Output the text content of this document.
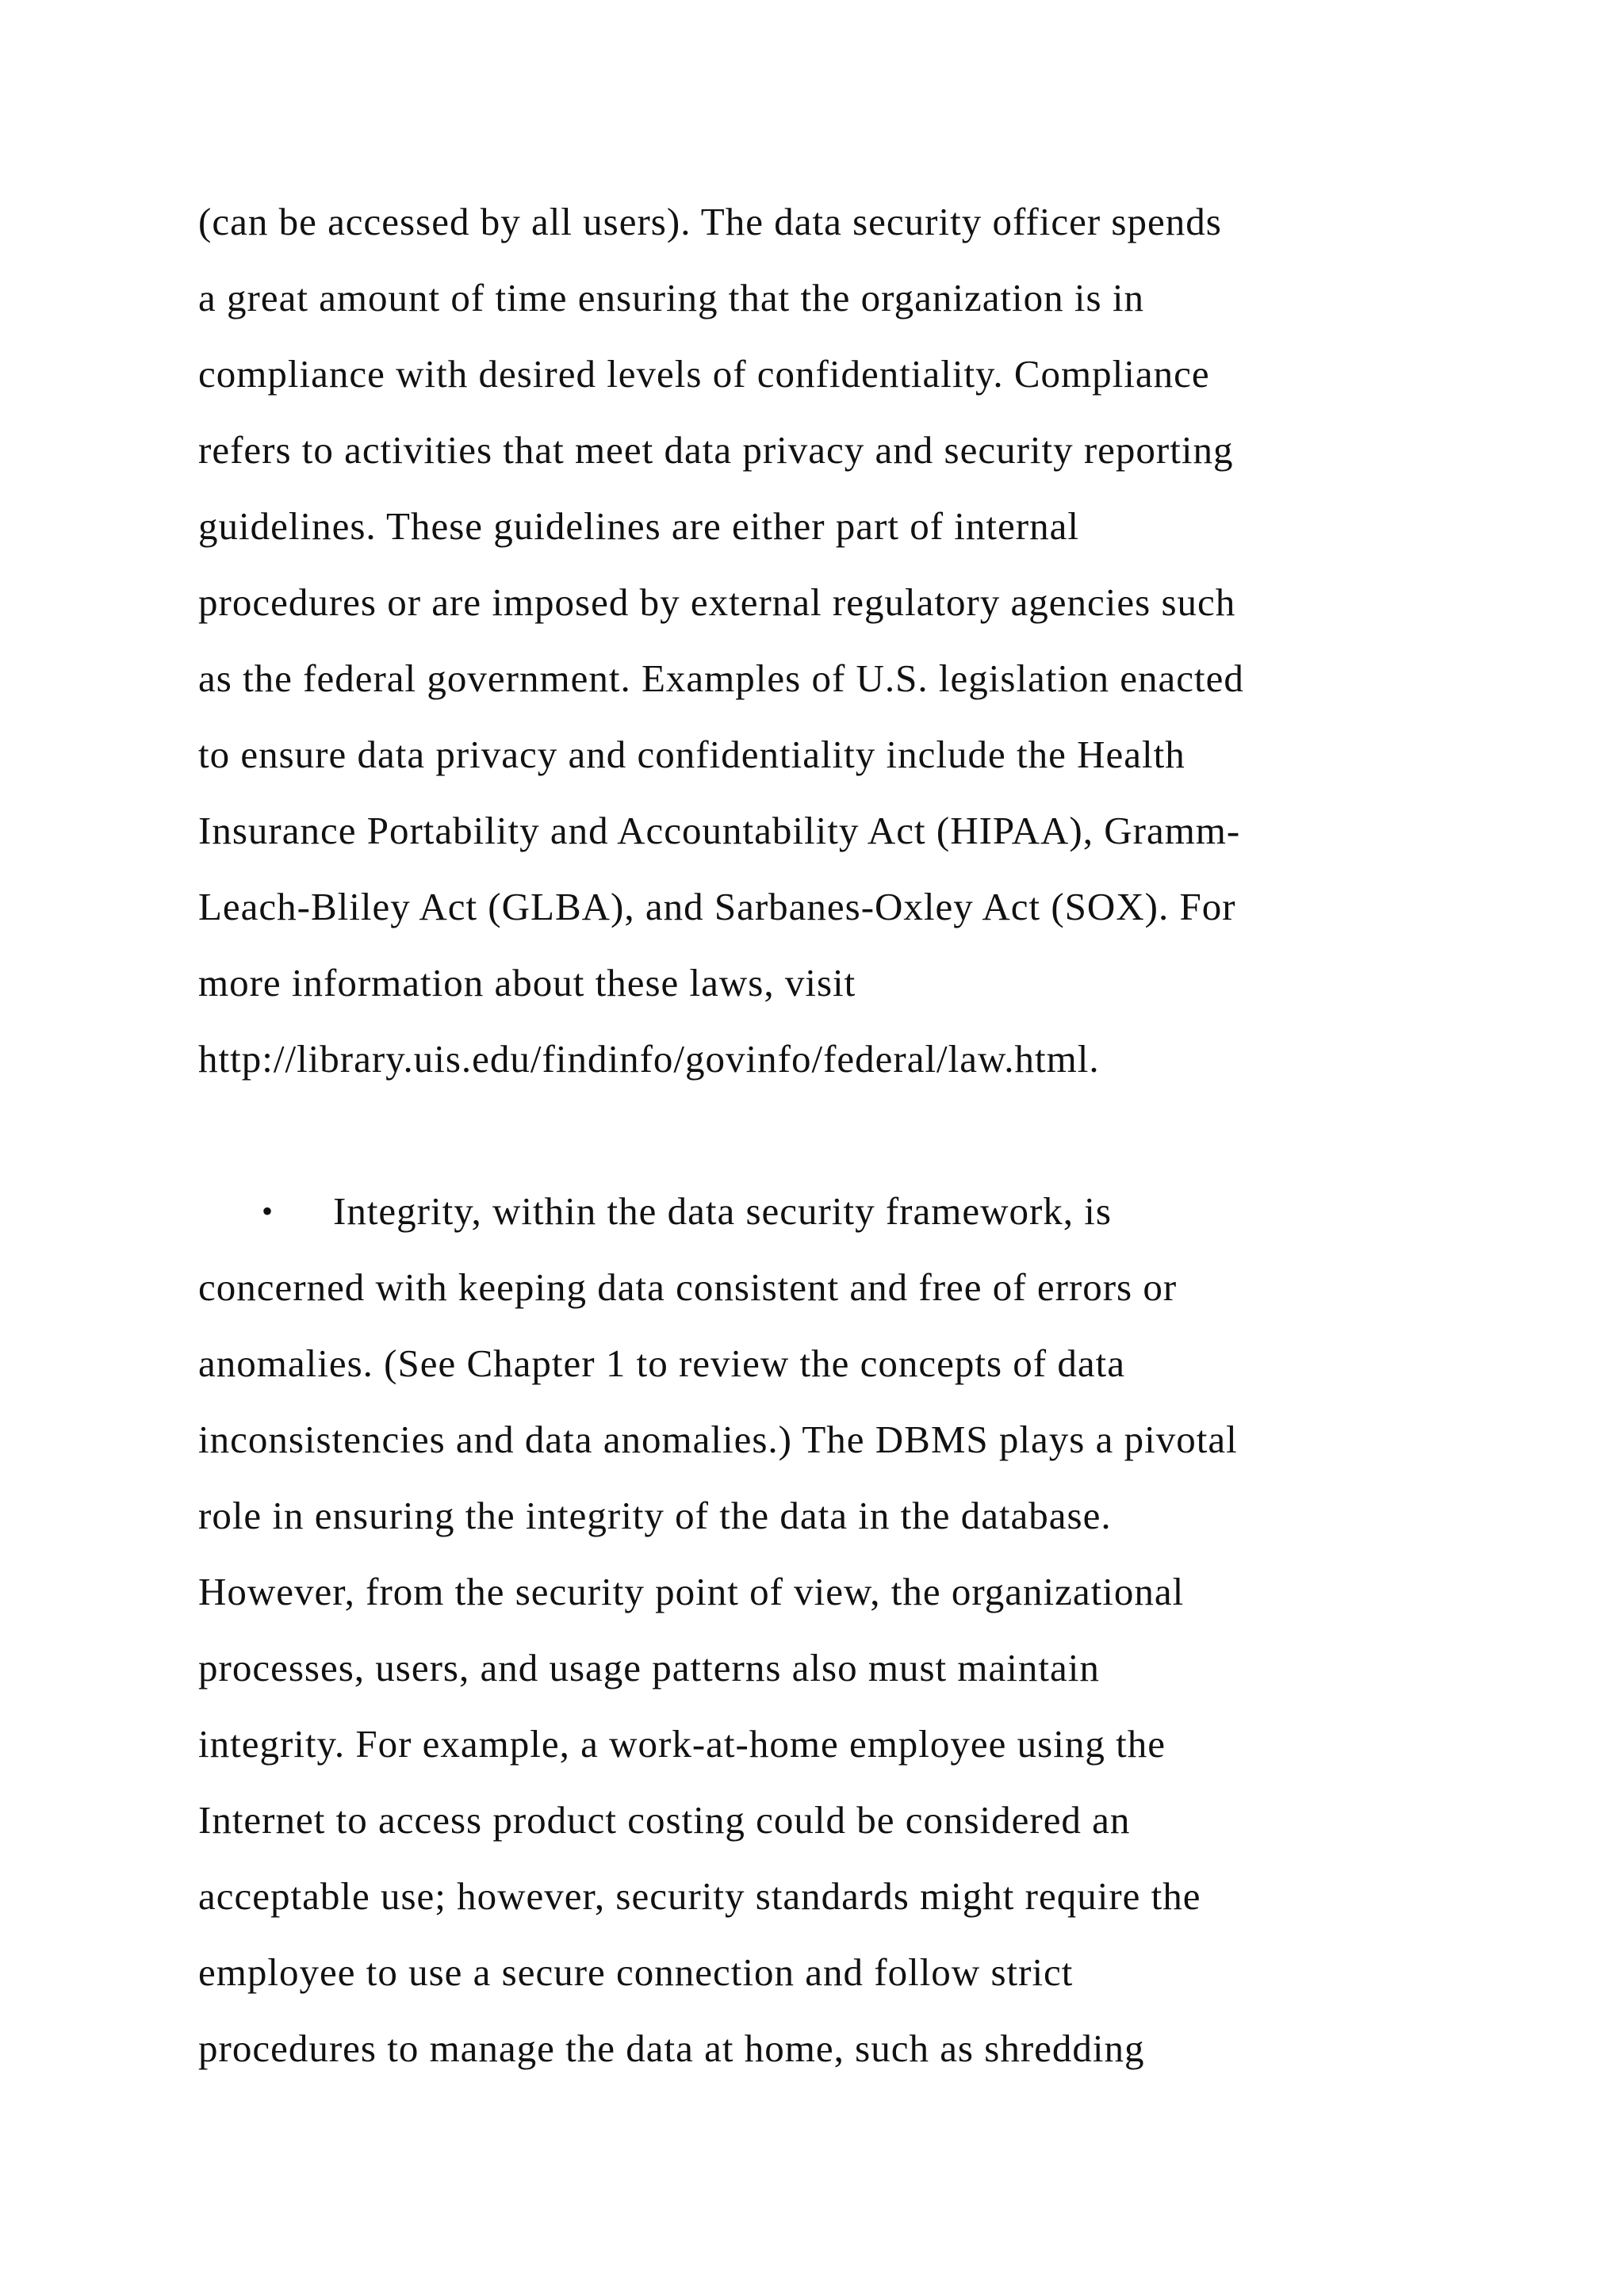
(can be accessed by all users). The data security officer spends
a great amount of time ensuring that the organization is in
compliance with desired levels of confidentiality. Compliance
refers to activities that meet data privacy and security reporting
guidelines. These guidelines are either part of internal
procedures or are imposed by external regulatory agencies such
as the federal government. Examples of U.S. legislation enacted
to ensure data privacy and confidentiality include the Health
Insurance Portability and Accountability Act (HIPAA), Gramm-
Leach-Bliley Act (GLBA), and Sarbanes-Oxley Act (SOX). For
more information about these laws, visit
http://library.uis.edu/findinfo/govinfo/federal/law.html.
• Integrity, within the data security framework, is
concerned with keeping data consistent and free of errors or
anomalies. (See Chapter 1 to review the concepts of data
inconsistencies and data anomalies.) The DBMS plays a pivotal
role in ensuring the integrity of the data in the database.
However, from the security point of view, the organizational
processes, users, and usage patterns also must maintain
integrity. For example, a work-at-home employee using the
Internet to access product costing could be considered an
acceptable use; however, security standards might require the
employee to use a secure connection and follow strict
procedures to manage the data at home, such as shredding
